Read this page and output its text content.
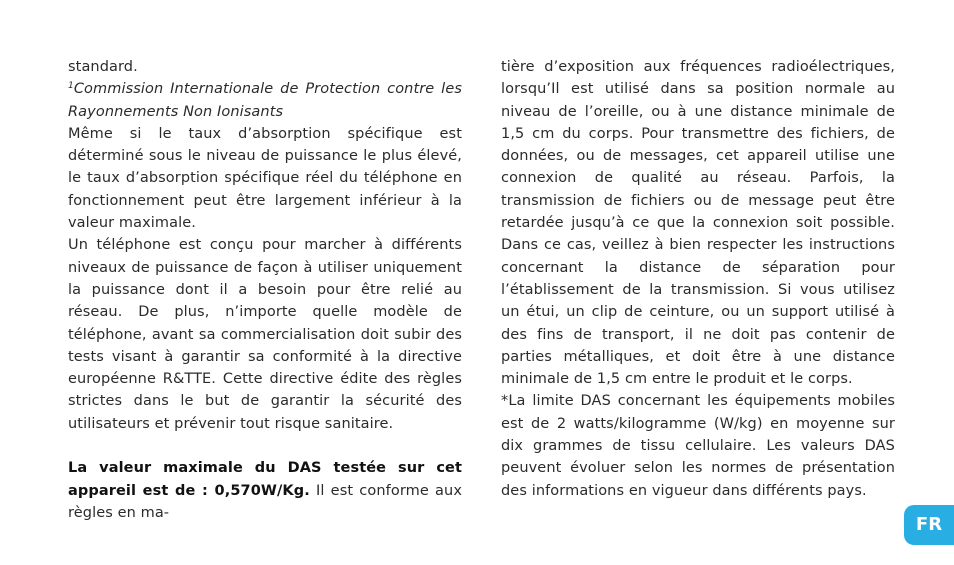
standard.

$^1$Commission Internationale de Protection contre les Rayonnements Non Ionisants

Même si le taux d’absorption spécifique est déterminé sous le niveau de puissance le plus élevé, le taux d’absorption spécifique réel du téléphone en fonctionnement peut être largement inférieur à la valeur maximale.

Un téléphone est conçu pour marcher à différents niveaux de puissance de façon à utiliser uniquement la puissance dont il a besoin pour être relié au réseau. De plus, n’importe quelle modèle de téléphone, avant sa commercialisation doit subir des tests visant à garantir sa conformité à la directive européenne R&TTE. Cette directive édite des règles strictes dans le but de garantir la sécurité des utilisateurs et prévenir tout risque sanitaire.

La valeur maximale du DAS testée sur cet appareil est de : 0,570W/Kg. Il est conforme aux règles en ma-

tière d’exposition aux fréquences radioélectriques, lorsqu’Il est utilisé dans sa position normale au niveau de l’oreille, ou à une distance minimale de 1,5 cm du corps. Pour transmettre des fichiers, de données, ou de messages, cet appareil utilise une connexion de qualité au réseau. Parfois, la transmission de fichiers ou de message peut être retardée jusqu’à ce que la connexion soit possible. Dans ce cas, veillez à bien respecter les instructions concernant la distance de séparation pour l’établissement de la transmission. Si vous utilisez un étui, un clip de ceinture, ou un support utilisé à des fins de transport, il ne doit pas contenir de parties métalliques, et doit être à une distance minimale de 1,5 cm entre le produit et le corps.

*La limite DAS concernant les équipements mobiles est de 2 watts/kilogramme (W/kg) en moyenne sur dix grammes de tissu cellulaire. Les valeurs DAS peuvent évoluer selon les normes de présentation des informations en vigueur dans différents pays.

FR
